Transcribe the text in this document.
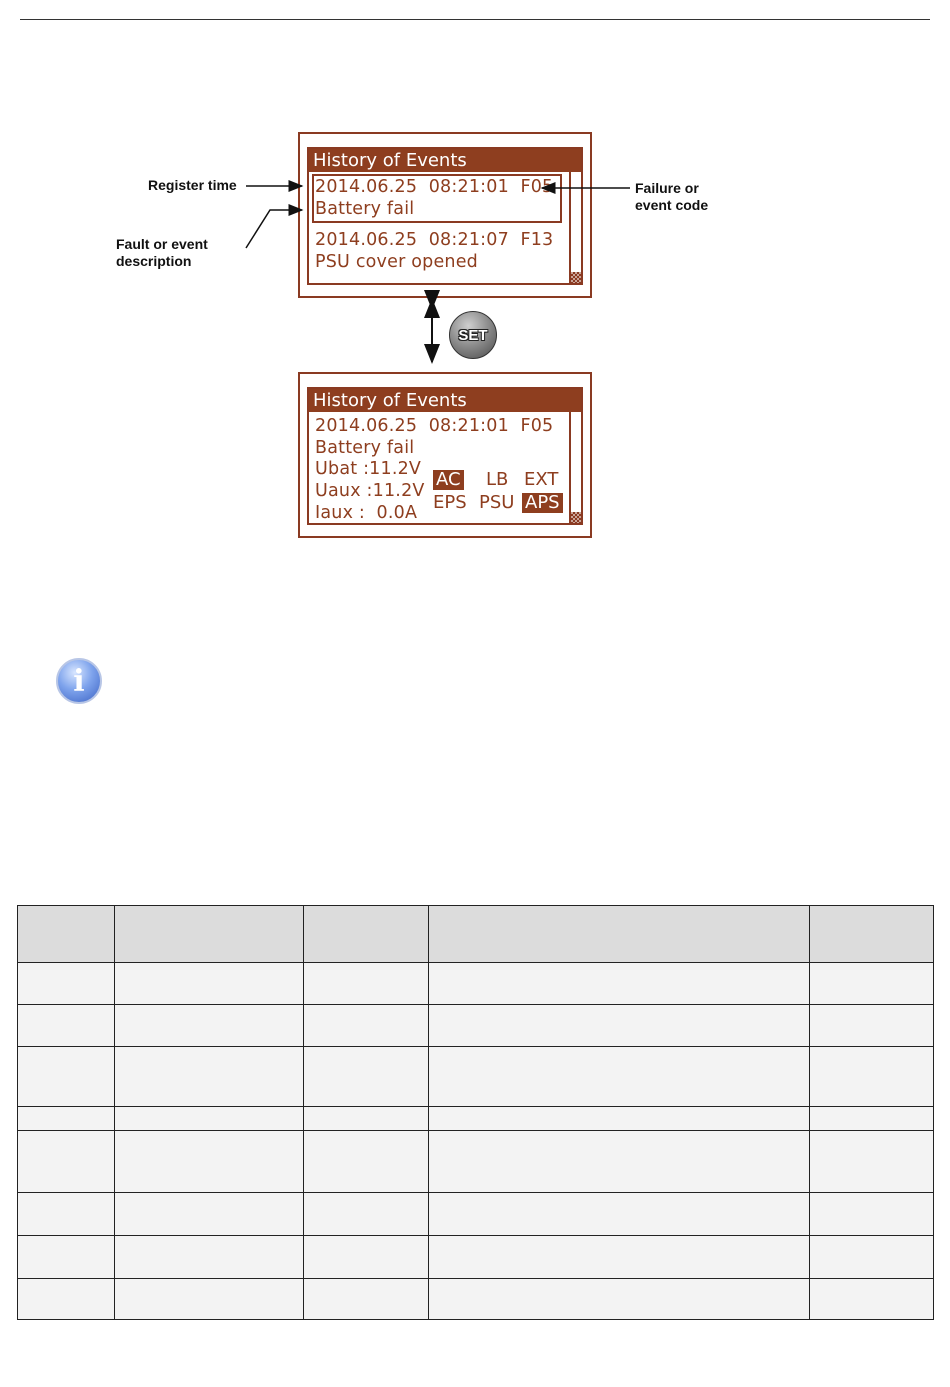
History of Events
2014.06.25  08:21:01  F05
Battery fail
2014.06.25  08:21:07  F13
PSU cover opened
History of Events
2014.06.25  08:21:01  F05
Battery fail
Ubat :11.2V
Uaux :11.2V
Iaux :  0.0A
AC LB EXT
EPS PSU APS
Register time
Fault or event
description
Failure or
event code
SET
i
